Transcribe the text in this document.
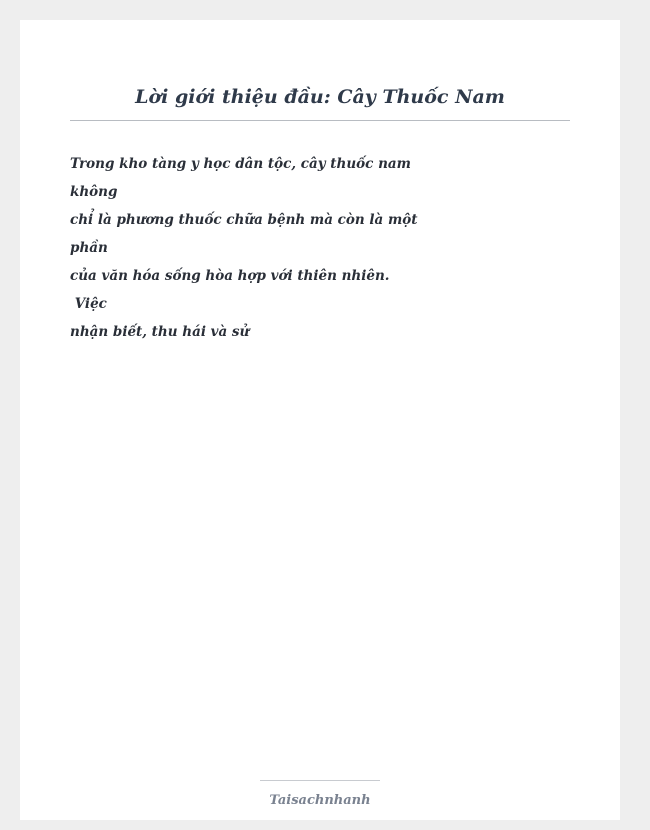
Lời giới thiệu đầu: Cây Thuốc Nam
Trong kho tàng y học dân tộc, cây thuốc nam
không
chỉ là phương thuốc chữa bệnh mà còn là một
phần
của văn hóa sống hòa hợp với thiên nhiên.
Việc
nhận biết, thu hái và sử
Taisachnhanh
